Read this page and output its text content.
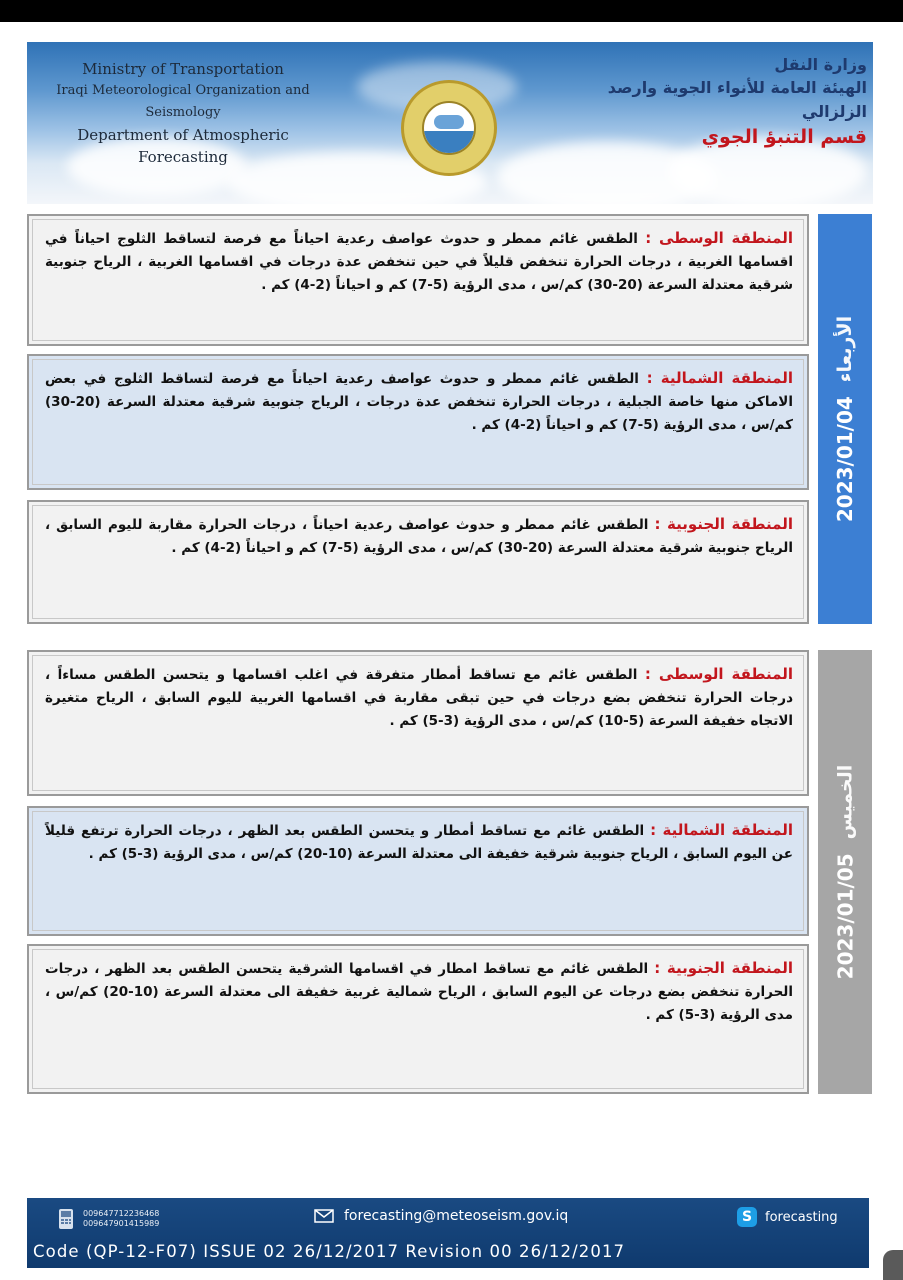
Ministry of Transportation
Iraqi Meteorological Organization and Seismology
Department of Atmospheric Forecasting
وزارة النقل
الهيئة العامة للأنواء الجوية وارصد الزلزالي
قسم التنبؤ الجوي
المنطقة الوسطى : الطقس غائم ممطر و حدوث عواصف رعدية احياناً مع فرصة لتساقط الثلوج احياناً في اقسامها الغربية ، درجات الحرارة تنخفض قليلاً في حين تنخفض عدة درجات في اقسامها الغربية ، الرياح جنوبية شرقية معتدلة السرعة (20-30) كم/س ، مدى الرؤية (5-7) كم و احياناً (2-4) كم .
المنطقة الشمالية : الطقس غائم ممطر و حدوث عواصف رعدية احياناً مع فرصة لتساقط الثلوج في بعض الاماكن منها خاصة الجبلية ، درجات الحرارة تنخفض عدة درجات ، الرياح جنوبية شرقية معتدلة السرعة (20-30) كم/س ، مدى الرؤية (5-7) كم و احياناً (2-4) كم .
المنطقة الجنوبية : الطقس غائم ممطر و حدوث عواصف رعدية احياناً ، درجات الحرارة مقاربة لليوم السابق ، الرياح جنوبية شرقية معتدلة السرعة (20-30) كم/س ، مدى الرؤية (5-7) كم و احياناً (2-4) كم .
2023/01/04
الأربعاء
المنطقة الوسطى : الطقس غائم مع تساقط أمطار متفرقة في اغلب اقسامها و يتحسن الطقس مساءاً ، درجات الحرارة تنخفض بضع درجات في حين تبقى مقاربة في اقسامها الغربية لليوم السابق ، الرياح متغيرة الاتجاه خفيفة السرعة (5-10) كم/س ، مدى الرؤية (3-5) كم .
المنطقة الشمالية : الطقس غائم مع تساقط أمطار و يتحسن الطقس بعد الظهر ، درجات الحرارة ترتفع قليلاً عن اليوم السابق ، الرياح جنوبية شرقية خفيفة الى معتدلة السرعة (10-20) كم/س ، مدى الرؤية (3-5) كم .
المنطقة الجنوبية : الطقس غائم مع تساقط امطار في اقسامها الشرقية يتحسن الطقس بعد الظهر ، درجات الحرارة تنخفض بضع درجات عن اليوم السابق ، الرياح شمالية غربية خفيفة الى معتدلة السرعة (10-20) كم/س ، مدى الرؤية (3-5) كم .
2023/01/05
الخميس
009647712236468
009647901415989	forecasting@meteoseism.gov.iq	S forecasting
Code (QP-12-F07) ISSUE 02 26/12/2017 Revision 00 26/12/2017
